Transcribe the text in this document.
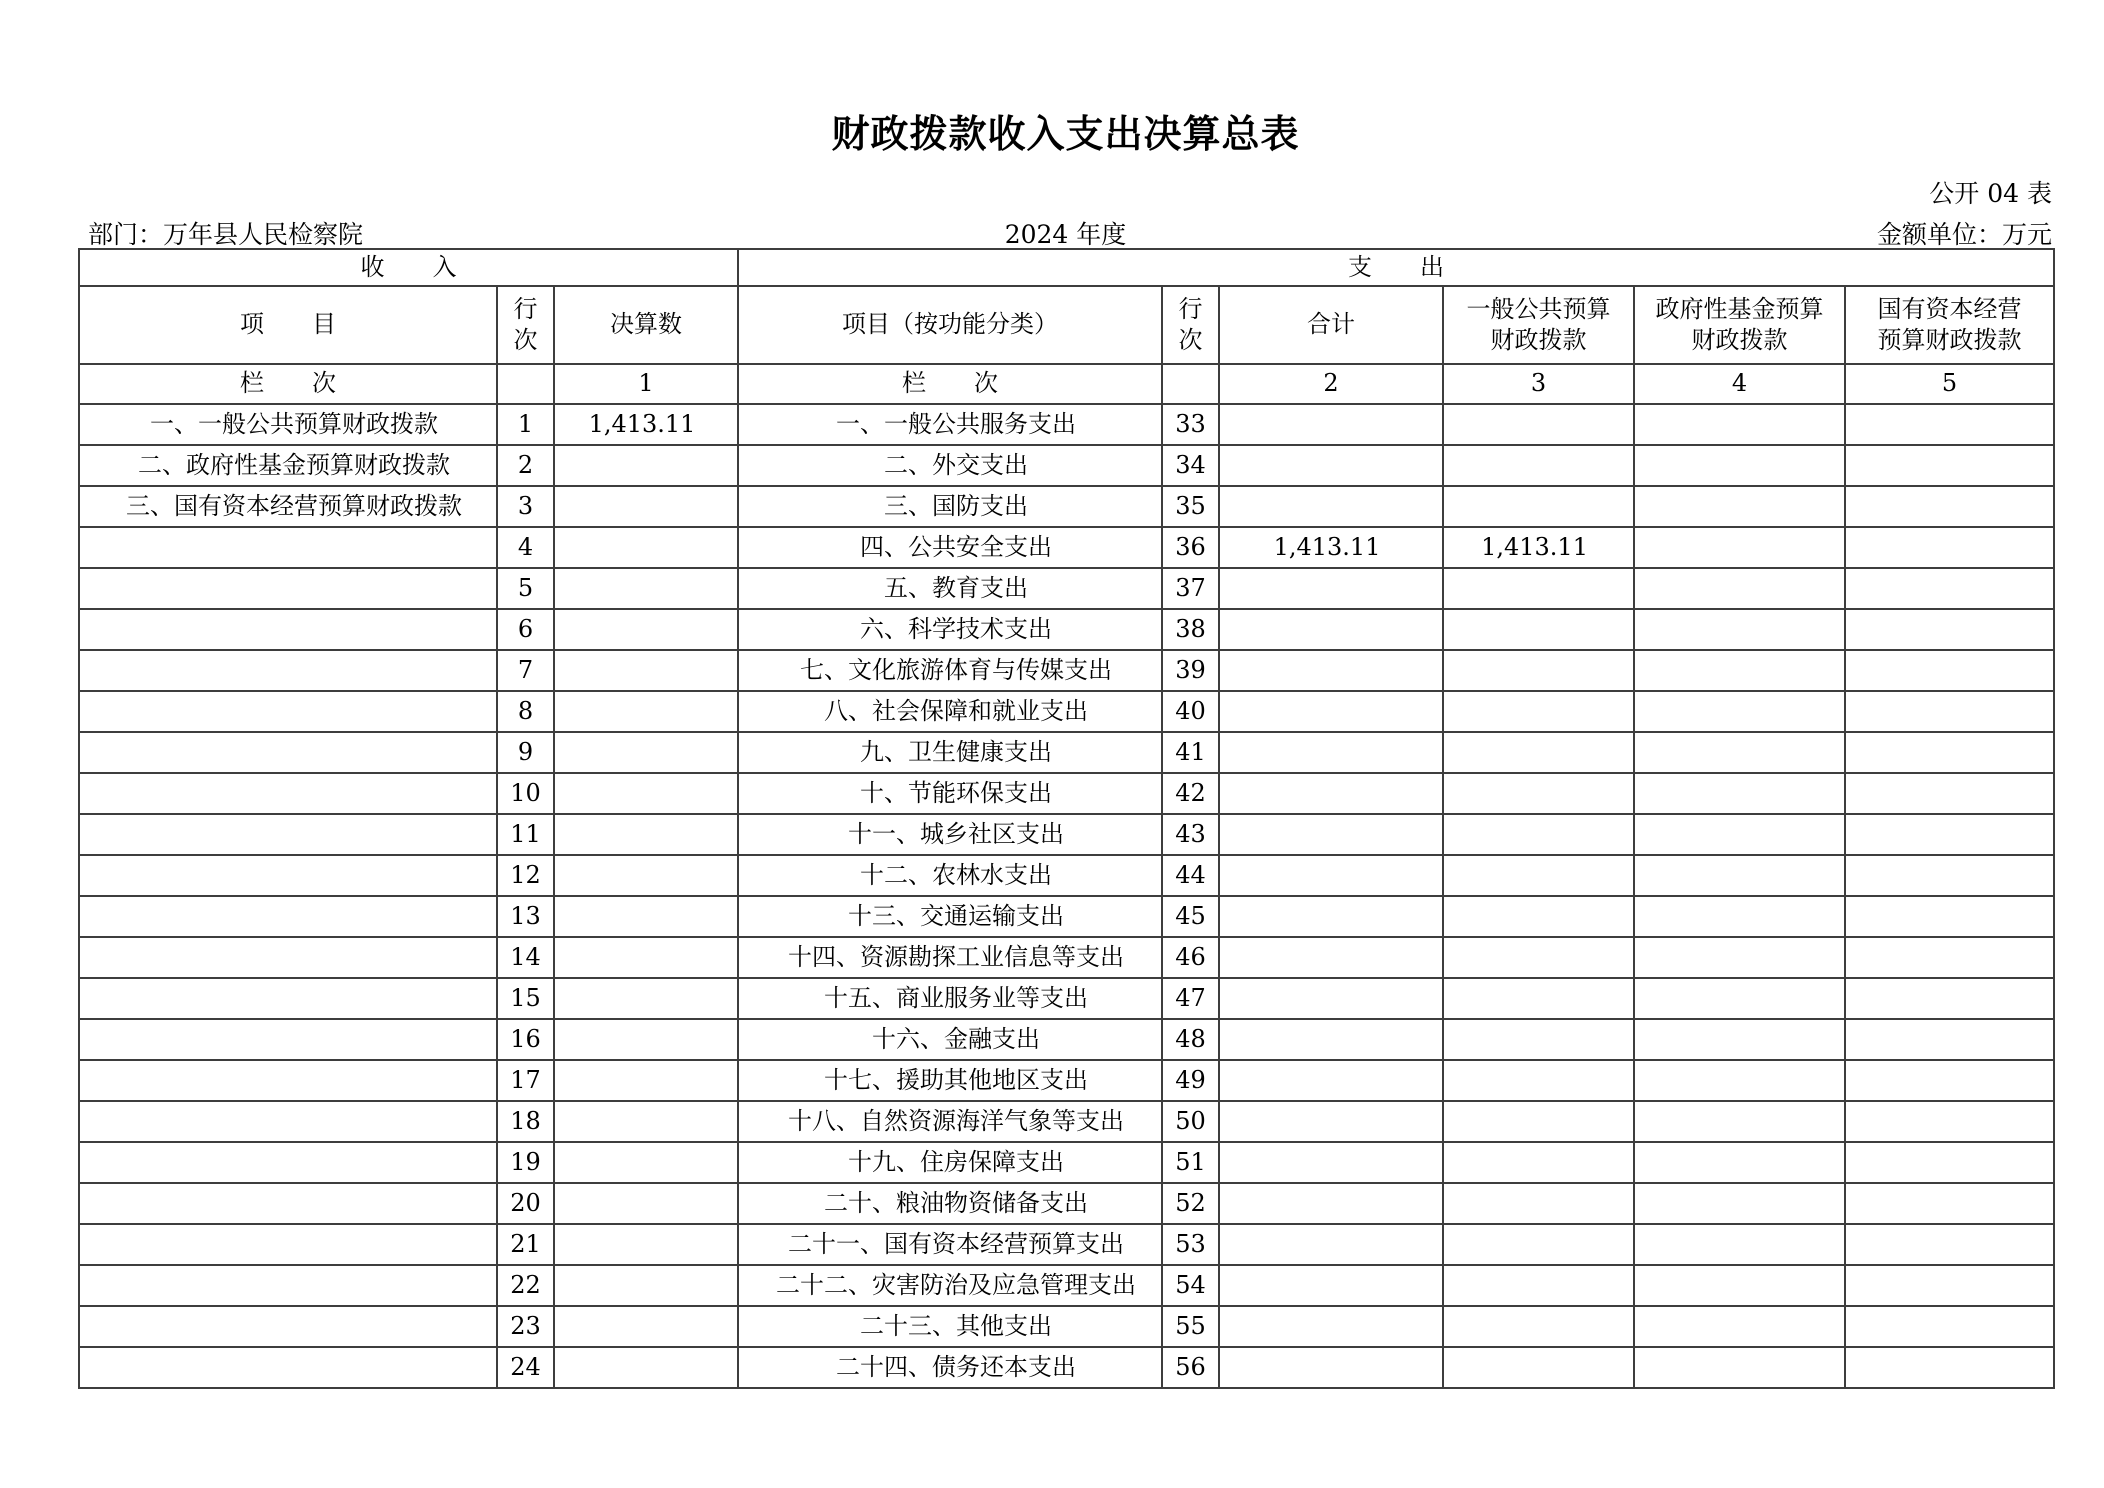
财政拨款收入支出决算总表
公开 04 表
部门：万年县人民检察院	2024 年度	金额单位：万元
收　　入			支　　出					
项　　目	行次	决算数	项目（按功能分类）	行次	合计	一般公共预算财政拨款	政府性基金预算财政拨款	国有资本经营预算财政拨款
栏　　次		1	栏　　次		2	3	4	5
一、一般公共预算财政拨款	1	1,413.11	一、一般公共服务支出	33				
二、政府性基金预算财政拨款	2		二、外交支出	34				
三、国有资本经营预算财政拨款	3		三、国防支出	35				
	4		四、公共安全支出	36	1,413.11	1,413.11		
	5		五、教育支出	37				
	6		六、科学技术支出	38				
	7		七、文化旅游体育与传媒支出	39				
	8		八、社会保障和就业支出	40				
	9		九、卫生健康支出	41				
	10		十、节能环保支出	42				
	11		十一、城乡社区支出	43				
	12		十二、农林水支出	44				
	13		十三、交通运输支出	45				
	14		十四、资源勘探工业信息等支出	46				
	15		十五、商业服务业等支出	47				
	16		十六、金融支出	48				
	17		十七、援助其他地区支出	49				
	18		十八、自然资源海洋气象等支出	50				
	19		十九、住房保障支出	51				
	20		二十、粮油物资储备支出	52				
	21		二十一、国有资本经营预算支出	53				
	22		二十二、灾害防治及应急管理支出	54				
	23		二十三、其他支出	55				
	24		二十四、债务还本支出	56				
